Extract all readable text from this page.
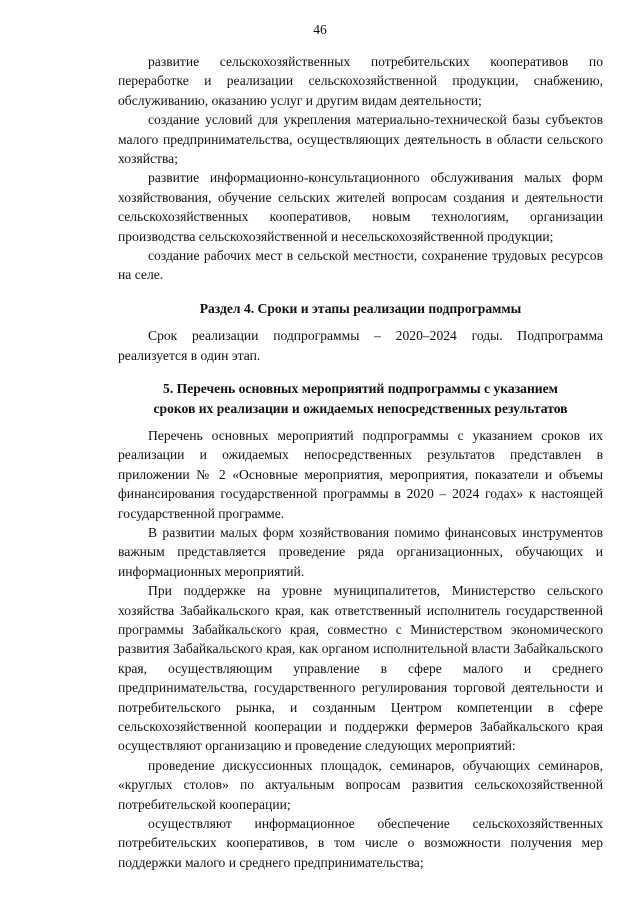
46

развитие сельскохозяйственных потребительских кооперативов по переработке и реализации сельскохозяйственной продукции, снабжению, обслуживанию, оказанию услуг и другим видам деятельности;

создание условий для укрепления материально-технической базы субъектов малого предпринимательства, осуществляющих деятельность в области сельского хозяйства;

развитие информационно-консультационного обслуживания малых форм хозяйствования, обучение сельских жителей вопросам создания и деятельности сельскохозяйственных кооперативов, новым технологиям, организации производства сельскохозяйственной и несельскохозяйственной продукции;

создание рабочих мест в сельской местности, сохранение трудовых ресурсов на селе.

Раздел 4. Сроки и этапы реализации подпрограммы

Срок реализации подпрограммы – 2020–2024 годы. Подпрограмма реализуется в один этап.

5. Перечень основных мероприятий подпрограммы с указанием
сроков их реализации и ожидаемых непосредственных результатов

Перечень основных мероприятий подпрограммы с указанием сроков их реализации и ожидаемых непосредственных результатов представлен в приложении № 2 «Основные мероприятия, мероприятия, показатели и объемы финансирования государственной программы в 2020 – 2024 годах» к настоящей государственной программе.

В развитии малых форм хозяйствования помимо финансовых инструментов важным представляется проведение ряда организационных, обучающих и информационных мероприятий.

При поддержке на уровне муниципалитетов, Министерство сельского хозяйства Забайкальского края, как ответственный исполнитель государственной программы Забайкальского края, совместно с Министерством экономического развития Забайкальского края, как органом исполнительной власти Забайкальского края, осуществляющим управление в сфере малого и среднего предпринимательства, государственного регулирования торговой деятельности и потребительского рынка, и созданным Центром компетенции в сфере сельскохозяйственной кооперации и поддержки фермеров Забайкальского края осуществляют организацию и проведение следующих мероприятий:

проведение дискуссионных площадок, семинаров, обучающих семинаров, «круглых столов» по актуальным вопросам развития сельскохозяйственной потребительской кооперации;

осуществляют информационное обеспечение сельскохозяйственных потребительских кооперативов, в том числе о возможности получения мер поддержки малого и среднего предпринимательства;
